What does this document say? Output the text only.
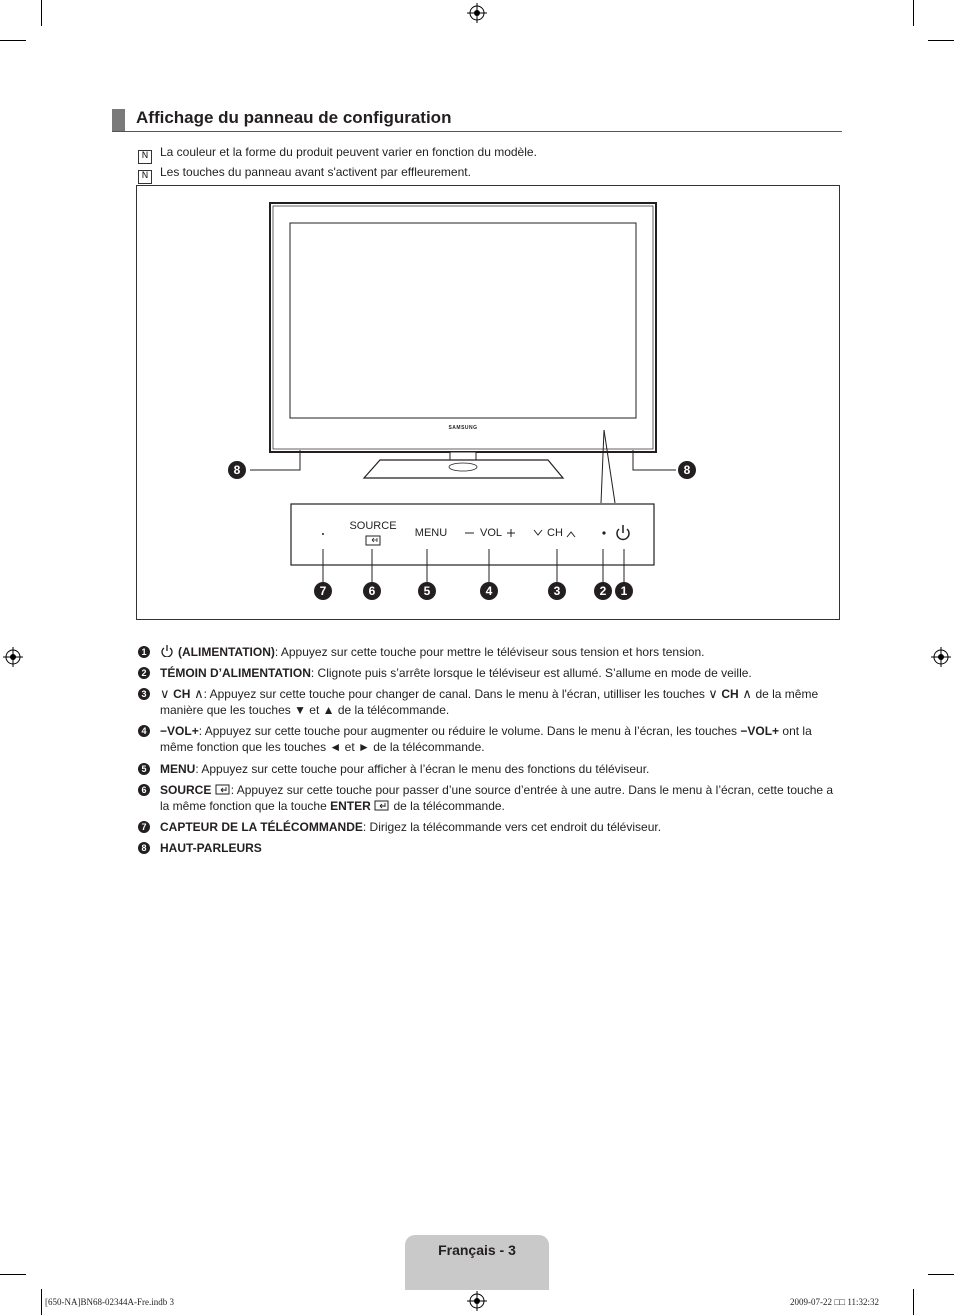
Affichage du panneau de configuration
N La couleur et la forme du produit peuvent varier en fonction du modèle.
N Les touches du panneau avant s'activent par effleurement.
SAMSUNG
SOURCE
MENU	VOL	CH
8	8
7	6	5	4	3	2	1
1	(ALIMENTATION): Appuyez sur cette touche pour mettre le téléviseur sous tension et hors tension.
2 TÉMOIN D’ALIMENTATION: Clignote puis s’arrête lorsque le téléviseur est allumé. S’allume en mode de veille.
3 ∨ CH ∧: Appuyez sur cette touche pour changer de canal. Dans le menu à l'écran, utilliser les touches ∨ CH ∧ de la même manière que les touches ▼ et ▲ de la télécommande.
4 −VOL+: Appuyez sur cette touche pour augmenter ou réduire le volume. Dans le menu à l’écran, les touches −VOL+ ont la même fonction que les touches ◄ et ► de la télécommande.
5 MENU: Appuyez sur cette touche pour afficher à l’écran le menu des fonctions du téléviseur.
6 SOURCE : Appuyez sur cette touche pour passer d’une source d’entrée à une autre. Dans le menu à l’écran, cette touche a la même fonction que la touche ENTER de la télécommande.
7 CAPTEUR DE LA TÉLÉCOMMANDE: Dirigez la télécommande vers cet endroit du téléviseur.
8 HAUT-PARLEURS
Français - 3
[650-NA]BN68-02344A-Fre.indb 3	2009-07-22 □□ 11:32:32
